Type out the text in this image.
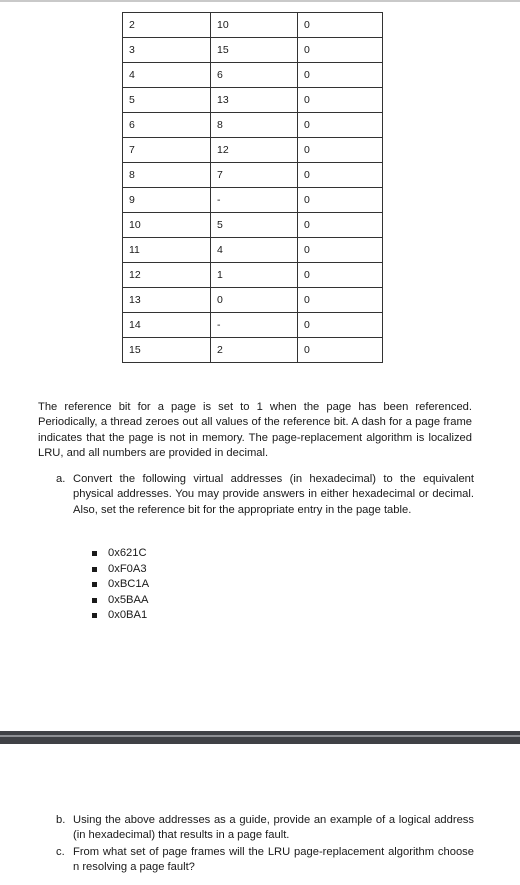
2	10	0
3	15	0
4	6	0
5	13	0
6	8	0
7	12	0
8	7	0
9	-	0
10	5	0
11	4	0
12	1	0
13	0	0
14	-	0
15	2	0

The reference bit for a page is set to 1 when the page has been referenced. Periodically, a thread zeroes out all values of the reference bit. A dash for a page frame indicates that the page is not in memory. The page-replacement algorithm is localized LRU, and all numbers are provided in decimal.

a. Convert the following virtual addresses (in hexadecimal) to the equivalent physical addresses. You may provide answers in either hexadecimal or decimal. Also, set the reference bit for the appropriate entry in the page table.
0x621C
0xF0A3
0xBC1A
0x5BAA
0x0BA1
b. Using the above addresses as a guide, provide an example of a logical address (in hexadecimal) that results in a page fault.
c. From what set of page frames will the LRU page-replacement algorithm choose n resolving a page fault?
